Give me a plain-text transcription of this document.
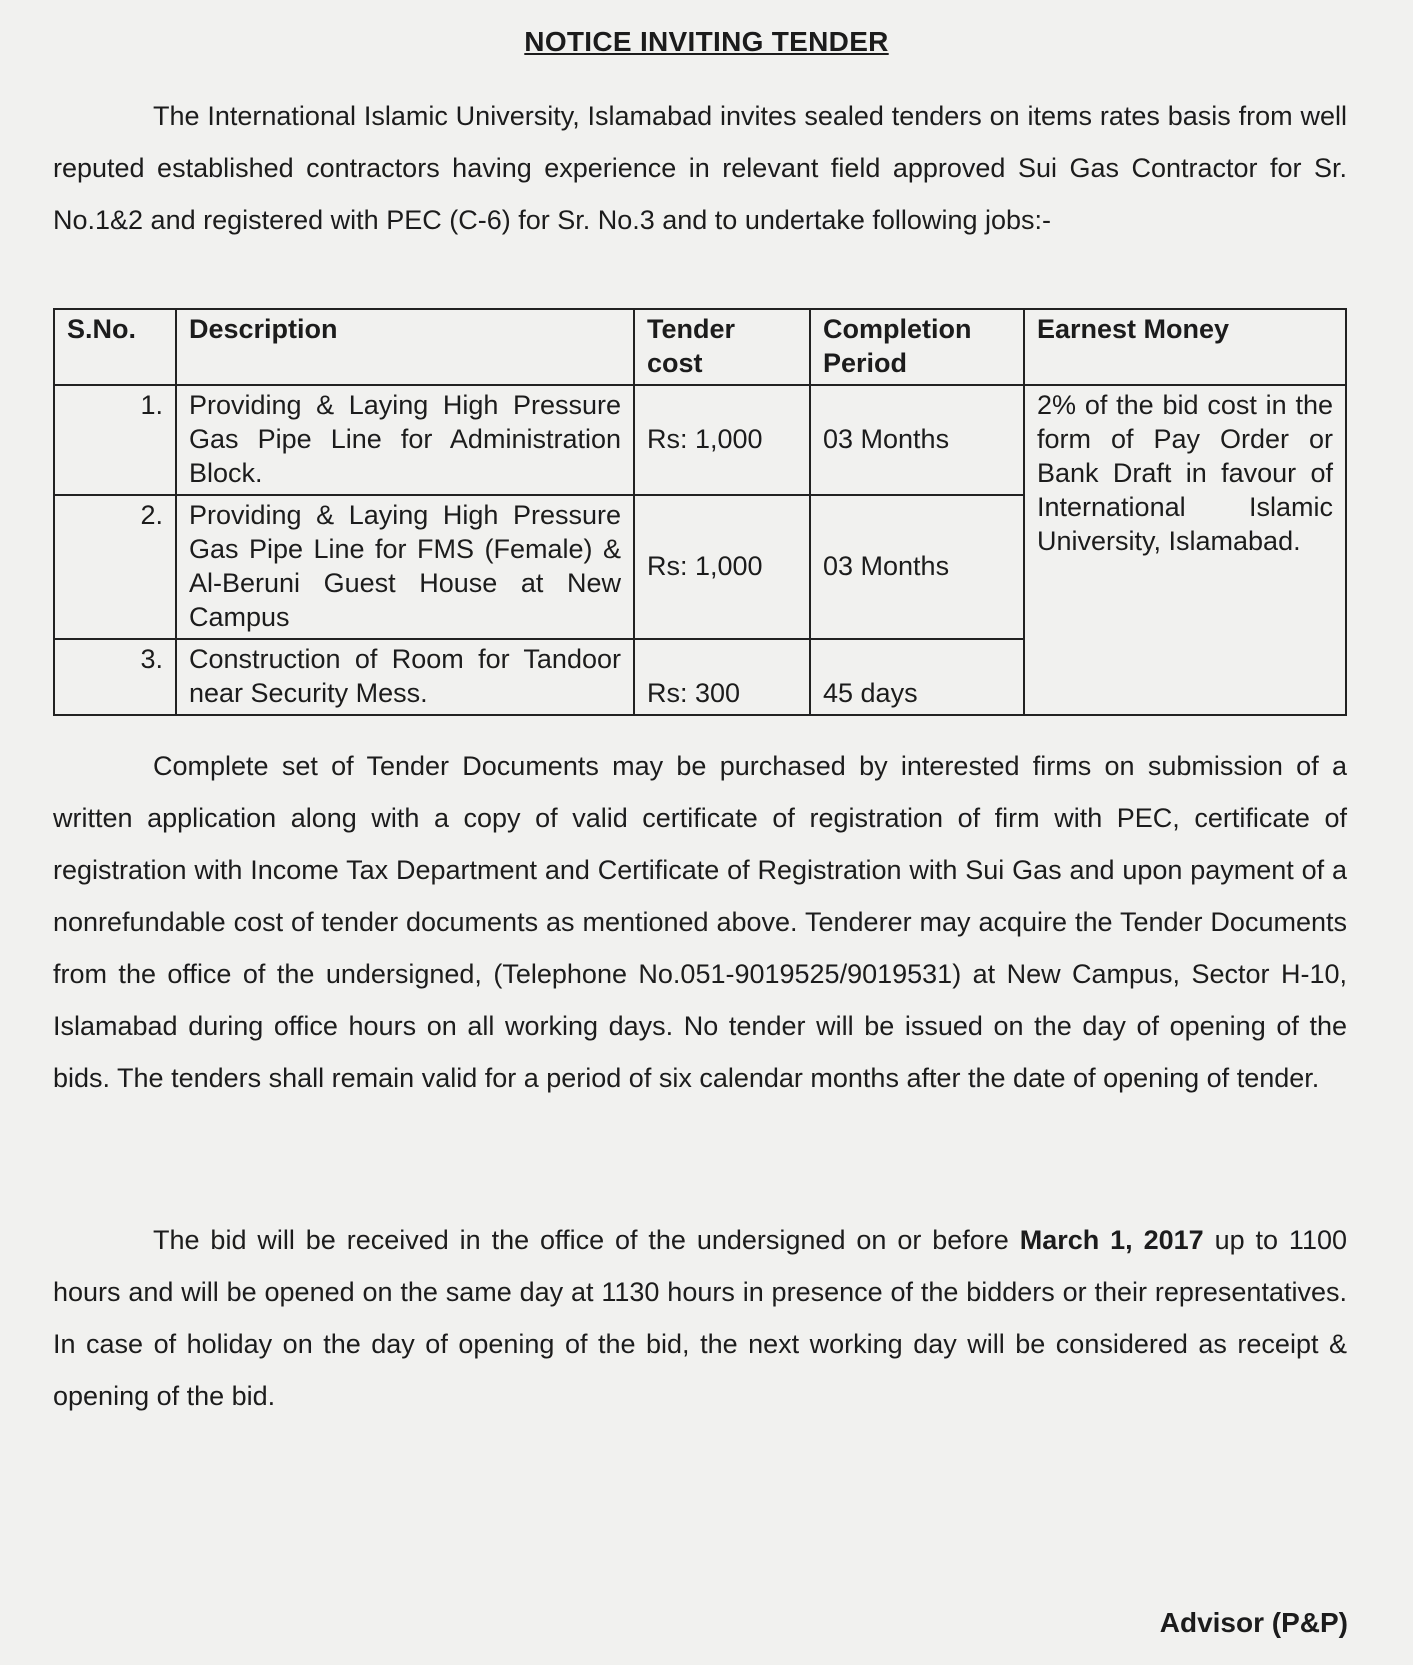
NOTICE INVITING TENDER
The International Islamic University, Islamabad invites sealed tenders on items rates basis from well reputed established contractors having experience in relevant field approved Sui Gas Contractor for Sr. No.1&2 and registered with PEC (C-6) for Sr. No.3 and to undertake following jobs:-
S.No.	Description	Tender cost	Completion Period	Earnest Money
1.	Providing & Laying High Pressure Gas Pipe Line for Administration Block.	Rs: 1,000	03 Months	2% of the bid cost in the form of Pay Order or Bank Draft in favour of International Islamic University, Islamabad.
2.	Providing & Laying High Pressure Gas Pipe Line for FMS (Female) & Al-Beruni Guest House at New Campus	Rs: 1,000	03 Months	
3.	Construction of Room for Tandoor near Security Mess.	Rs: 300	45 days	
Complete set of Tender Documents may be purchased by interested firms on submission of a written application along with a copy of valid certificate of registration of firm with PEC, certificate of registration with Income Tax Department and Certificate of Registration with Sui Gas and upon payment of a nonrefundable cost of tender documents as mentioned above. Tenderer may acquire the Tender Documents from the office of the undersigned, (Telephone No.051-9019525/9019531) at New Campus, Sector H-10, Islamabad during office hours on all working days. No tender will be issued on the day of opening of the bids. The tenders shall remain valid for a period of six calendar months after the date of opening of tender.
The bid will be received in the office of the undersigned on or before March 1, 2017 up to 1100 hours and will be opened on the same day at 1130 hours in presence of the bidders or their representatives. In case of holiday on the day of opening of the bid, the next working day will be considered as receipt & opening of the bid.
Advisor (P&P)
